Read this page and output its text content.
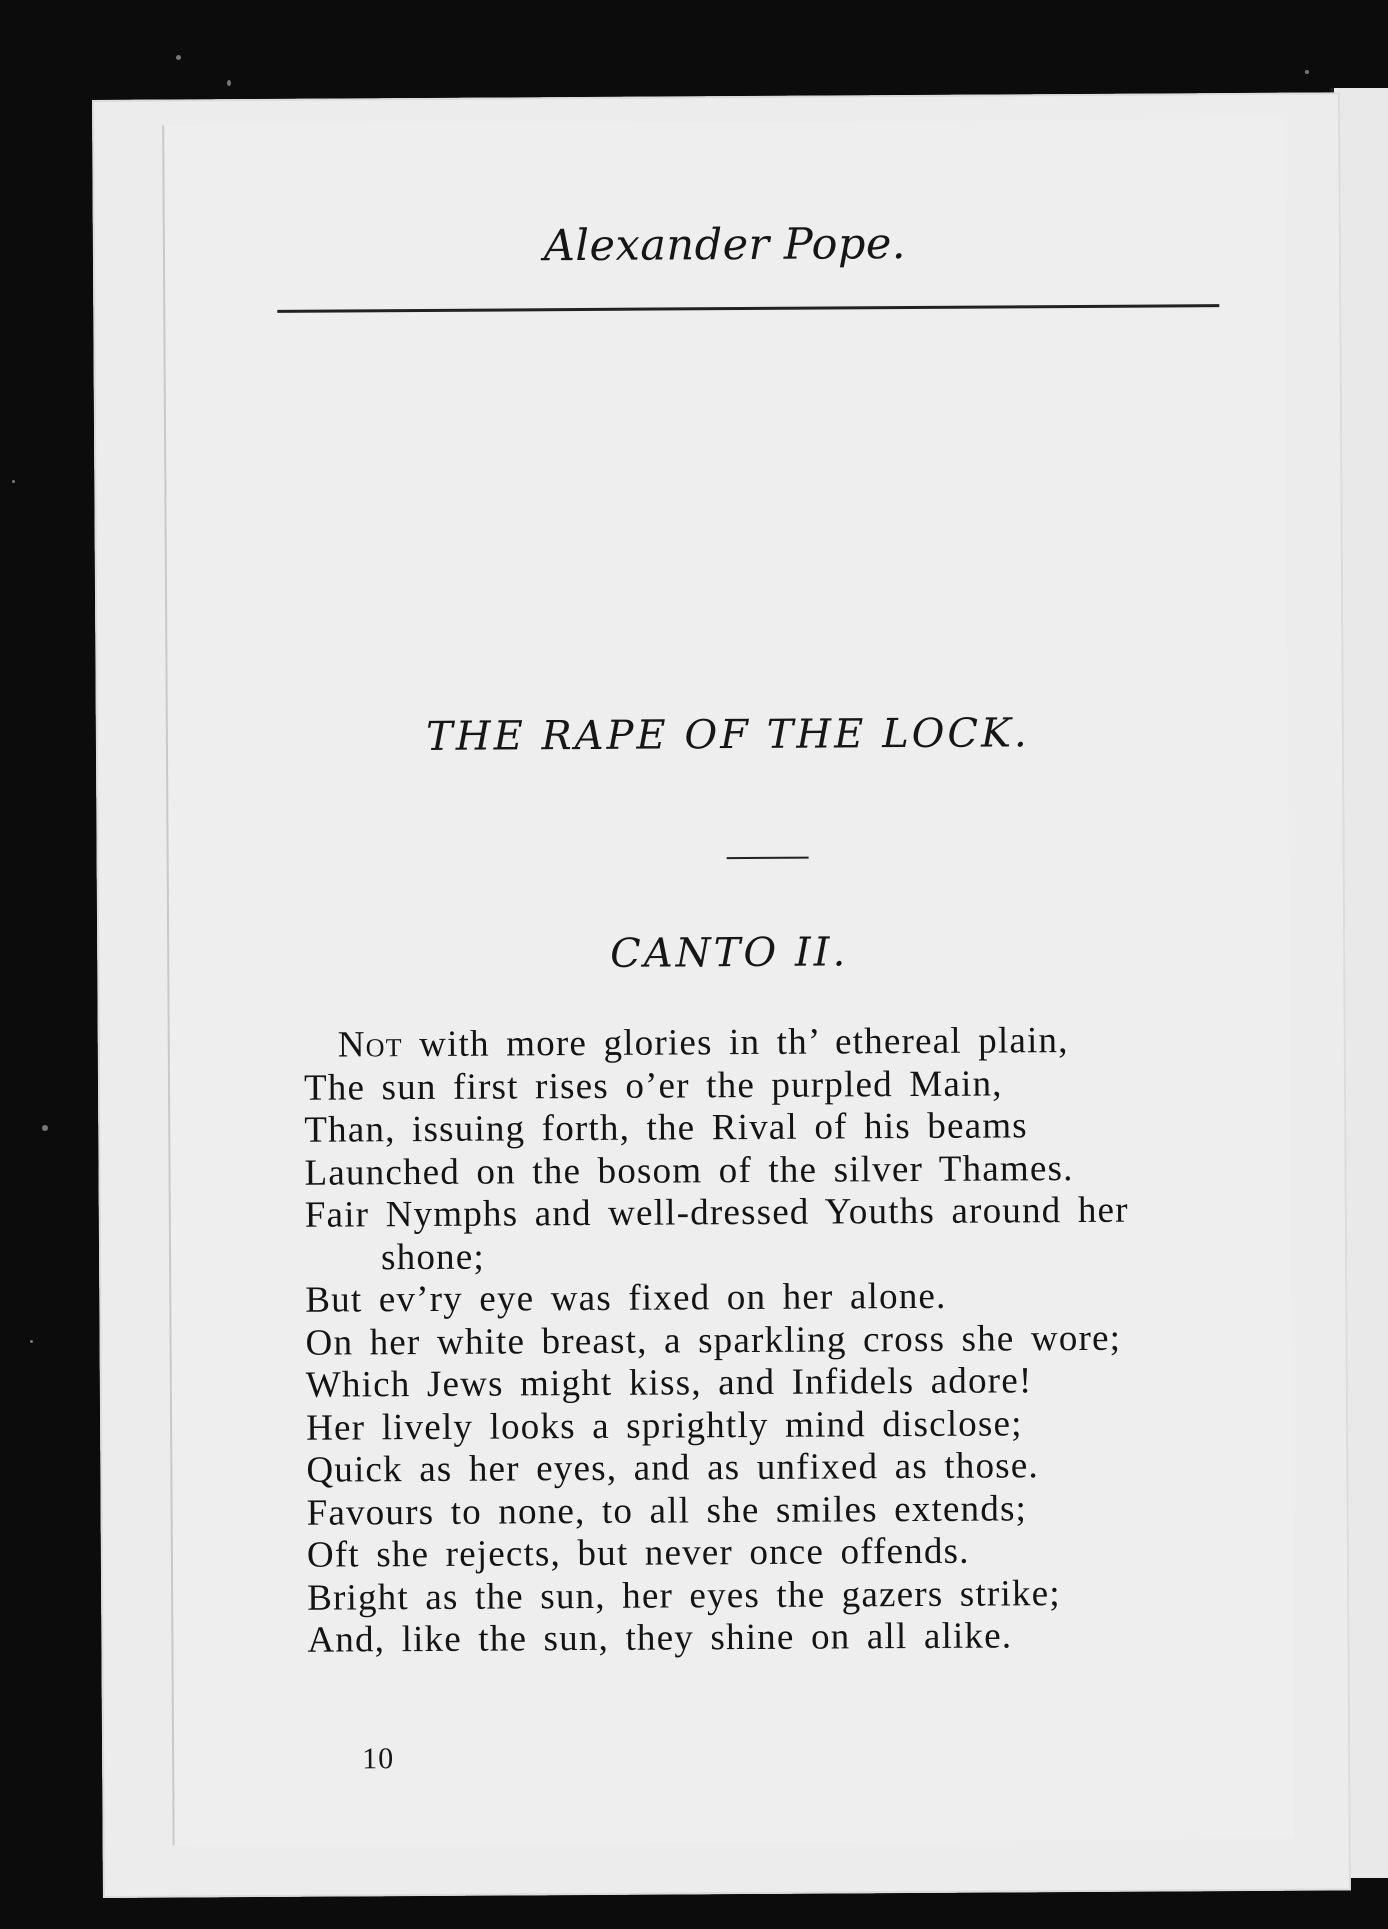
Alexander Pope.
THE RAPE OF THE LOCK.
CANTO II.
Not with more glories in th’ ethereal plain,
The sun first rises o’er the purpled Main,
Than, issuing forth, the Rival of his beams
Launched on the bosom of the silver Thames.
Fair Nymphs and well-dressed Youths around her
shone;
But ev’ry eye was fixed on her alone.
On her white breast, a sparkling cross she wore;
Which Jews might kiss, and Infidels adore!
Her lively looks a sprightly mind disclose;
Quick as her eyes, and as unfixed as those.
Favours to none, to all she smiles extends;
Oft she rejects, but never once offends.
Bright as the sun, her eyes the gazers strike;
And, like the sun, they shine on all alike.
10
